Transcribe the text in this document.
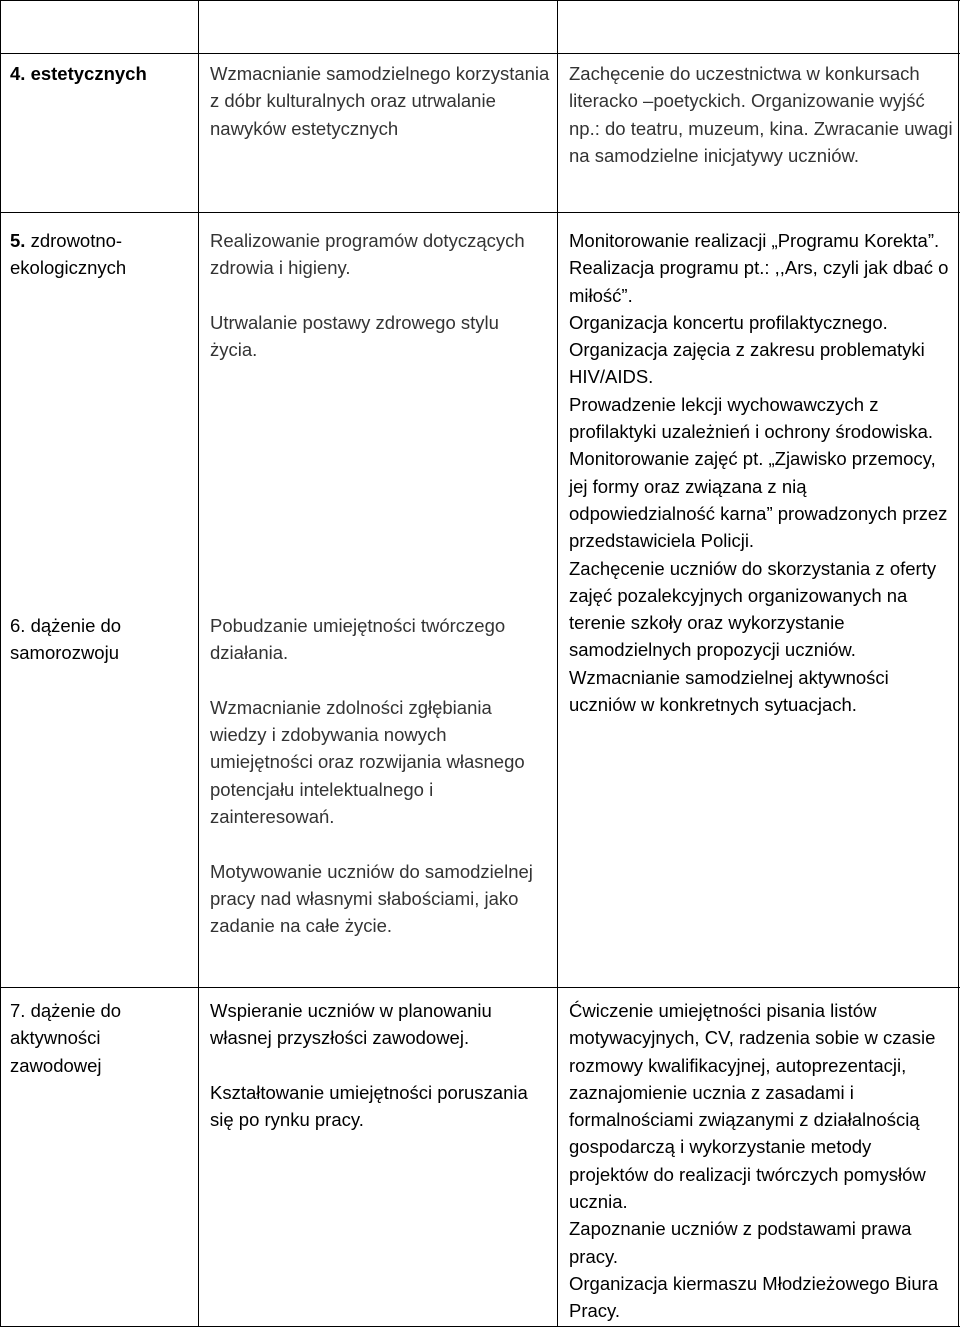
4. estetycznych	Wzmacnianie samodzielnego korzystania z dóbr kulturalnych oraz utrwalanie nawyków estetycznych

Zachęcenie do uczestnictwa w konkursach literacko –poetyckich. Organizowanie wyjść np.: do teatru, muzeum, kina. Zwracanie uwagi na samodzielne inicjatywy uczniów.

5. zdrowotno-

ekologicznych

6. dążenie do

samorozwoju

Realizowanie programów dotyczących zdrowia i higieny.

Utrwalanie postawy zdrowego stylu życia.

Pobudzanie umiejętności twórczego działania.

Wzmacnianie zdolności zgłębiania wiedzy i zdobywania nowych umiejętności oraz rozwijania własnego potencjału intelektualnego i zainteresowań.

Motywowanie uczniów do samodzielnej pracy nad własnymi słabościami, jako zadanie na całe życie.

Monitorowanie realizacji „Programu Korekta”.

Realizacja programu pt.: ,,Ars, czyli jak dbać o miłość”.

Organizacja koncertu profilaktycznego.

Organizacja zajęcia z zakresu problematyki HIV/AIDS.

Prowadzenie lekcji wychowawczych z profilaktyki uzależnień i ochrony środowiska.

Monitorowanie zajęć pt. „Zjawisko przemocy, jej formy oraz związana z nią odpowiedzialność karna” prowadzonych przez przedstawiciela Policji.

Zachęcenie uczniów do skorzystania z oferty zajęć pozalekcyjnych organizowanych na terenie szkoły oraz wykorzystanie samodzielnych propozycji uczniów.

Wzmacnianie samodzielnej aktywności uczniów w konkretnych sytuacjach.

7. dążenie do

aktywności

zawodowej

Wspieranie uczniów w planowaniu własnej przyszłości zawodowej.

Kształtowanie umiejętności poruszania się po rynku pracy.

Ćwiczenie umiejętności pisania listów motywacyjnych, CV, radzenia sobie w czasie rozmowy kwalifikacyjnej, autoprezentacji, zaznajomienie ucznia z zasadami i formalnościami związanymi z działalnością gospodarczą i wykorzystanie metody projektów do realizacji twórczych pomysłów ucznia.

Zapoznanie uczniów z podstawami prawa pracy.

Organizacja kiermaszu Młodzieżowego Biura Pracy.
